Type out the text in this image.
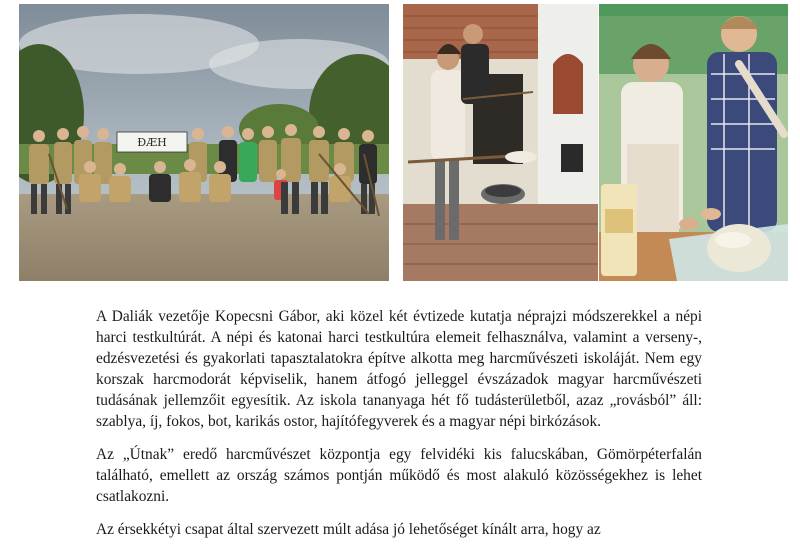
ĐÆH

A Daliák vezetője Kopecsni Gábor, aki közel két évtizede kutatja néprajzi módszerekkel a népi harci testkultúrát. A népi és katonai harci testkultúra elemeit felhasználva, valamint a verseny-, edzésvezetési és gyakorlati tapasztalatokra építve alkotta meg harcművészeti iskoláját. Nem egy korszak harcmodorát képviselik, hanem átfogó jelleggel évszázadok magyar harcművészeti tudásának jellemzőit egyesítik. Az iskola tananyaga hét fő tudásterületből, azaz „rovásból” áll: szablya, íj, fokos, bot, karikás ostor, hajítófegyverek és a magyar népi birkózások.

Az „Útnak” eredő harcművészet központja egy felvidéki kis falucskában, Gömörpéterfalán található, emellett az ország számos pontján működő és most alakuló közösségekhez is lehet csatlakozni.

Az érsekkétyi csapat által szervezett múlt adása jó lehetőséget kínált arra, hogy az
